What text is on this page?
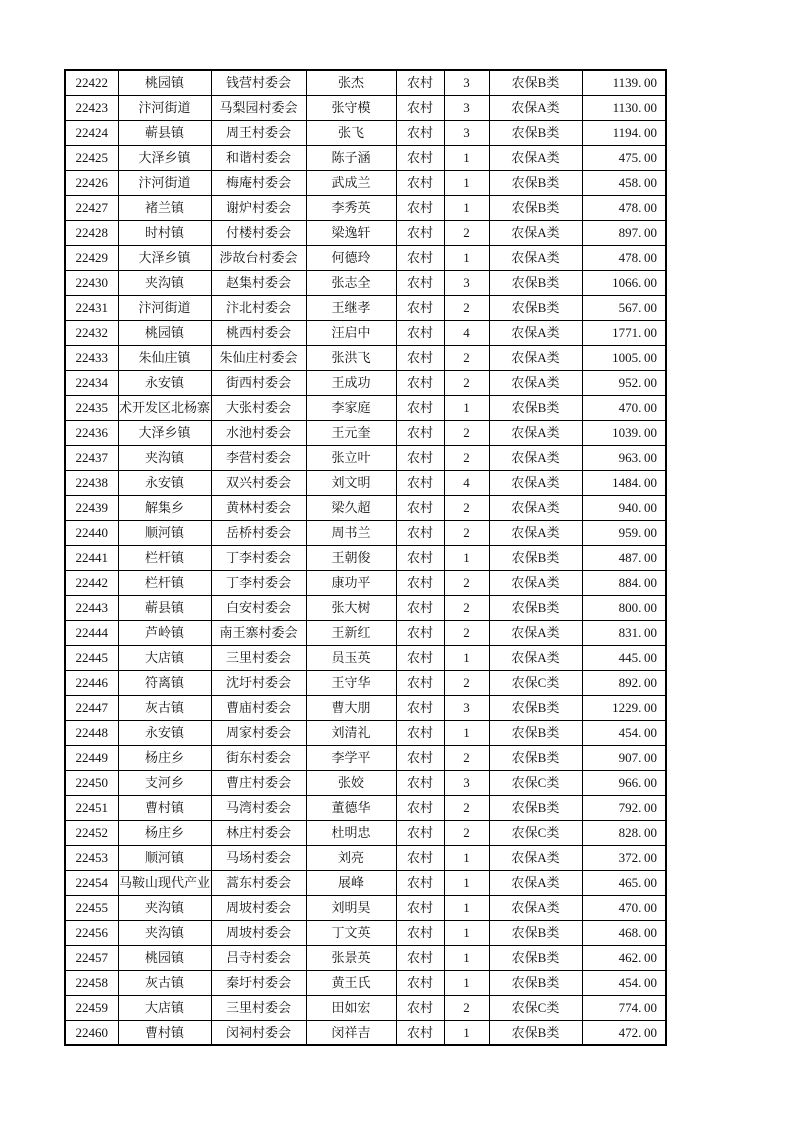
22422	桃园镇	钱营村委会	张杰	农村	3	农保B类	1139. 00
22423	汴河街道	马梨园村委会	张守模	农村	3	农保A类	1130. 00
22424	蕲县镇	周王村委会	张飞	农村	3	农保B类	1194. 00
22425	大泽乡镇	和谐村委会	陈子涵	农村	1	农保A类	475. 00
22426	汴河街道	梅庵村委会	武成兰	农村	1	农保B类	458. 00
22427	褚兰镇	谢炉村委会	李秀英	农村	1	农保B类	478. 00
22428	时村镇	付楼村委会	梁逸轩	农村	2	农保A类	897. 00
22429	大泽乡镇	涉故台村委会	何德玲	农村	1	农保A类	478. 00
22430	夹沟镇	赵集村委会	张志全	农村	3	农保B类	1066. 00
22431	汴河街道	汴北村委会	王继孝	农村	2	农保B类	567. 00
22432	桃园镇	桃西村委会	汪启中	农村	4	农保A类	1771. 00
22433	朱仙庄镇	朱仙庄村委会	张洪飞	农村	2	农保A类	1005. 00
22434	永安镇	街西村委会	王成功	农村	2	农保A类	952. 00
22435	术开发区北杨寨	大张村委会	李家庭	农村	1	农保B类	470. 00
22436	大泽乡镇	水池村委会	王元奎	农村	2	农保A类	1039. 00
22437	夹沟镇	李营村委会	张立叶	农村	2	农保A类	963. 00
22438	永安镇	双兴村委会	刘文明	农村	4	农保A类	1484. 00
22439	解集乡	黄林村委会	梁久超	农村	2	农保A类	940. 00
22440	顺河镇	岳桥村委会	周书兰	农村	2	农保A类	959. 00
22441	栏杆镇	丁李村委会	王朝俊	农村	1	农保B类	487. 00
22442	栏杆镇	丁李村委会	康功平	农村	2	农保A类	884. 00
22443	蕲县镇	白安村委会	张大树	农村	2	农保B类	800. 00
22444	芦岭镇	南王寨村委会	王新红	农村	2	农保A类	831. 00
22445	大店镇	三里村委会	员玉英	农村	1	农保A类	445. 00
22446	符离镇	沈圩村委会	王守华	农村	2	农保C类	892. 00
22447	灰古镇	曹庙村委会	曹大朋	农村	3	农保B类	1229. 00
22448	永安镇	周家村委会	刘清礼	农村	1	农保B类	454. 00
22449	杨庄乡	街东村委会	李学平	农村	2	农保B类	907. 00
22450	支河乡	曹庄村委会	张姣	农村	3	农保C类	966. 00
22451	曹村镇	马湾村委会	董德华	农村	2	农保B类	792. 00
22452	杨庄乡	林庄村委会	杜明忠	农村	2	农保C类	828. 00
22453	顺河镇	马场村委会	刘亮	农村	1	农保A类	372. 00
22454	马鞍山现代产业	蒿东村委会	展峰	农村	1	农保A类	465. 00
22455	夹沟镇	周坡村委会	刘明昊	农村	1	农保A类	470. 00
22456	夹沟镇	周坡村委会	丁文英	农村	1	农保B类	468. 00
22457	桃园镇	吕寺村委会	张景英	农村	1	农保B类	462. 00
22458	灰古镇	秦圩村委会	黄王氏	农村	1	农保B类	454. 00
22459	大店镇	三里村委会	田如宏	农村	2	农保C类	774. 00
22460	曹村镇	闵祠村委会	闵祥吉	农村	1	农保B类	472. 00
